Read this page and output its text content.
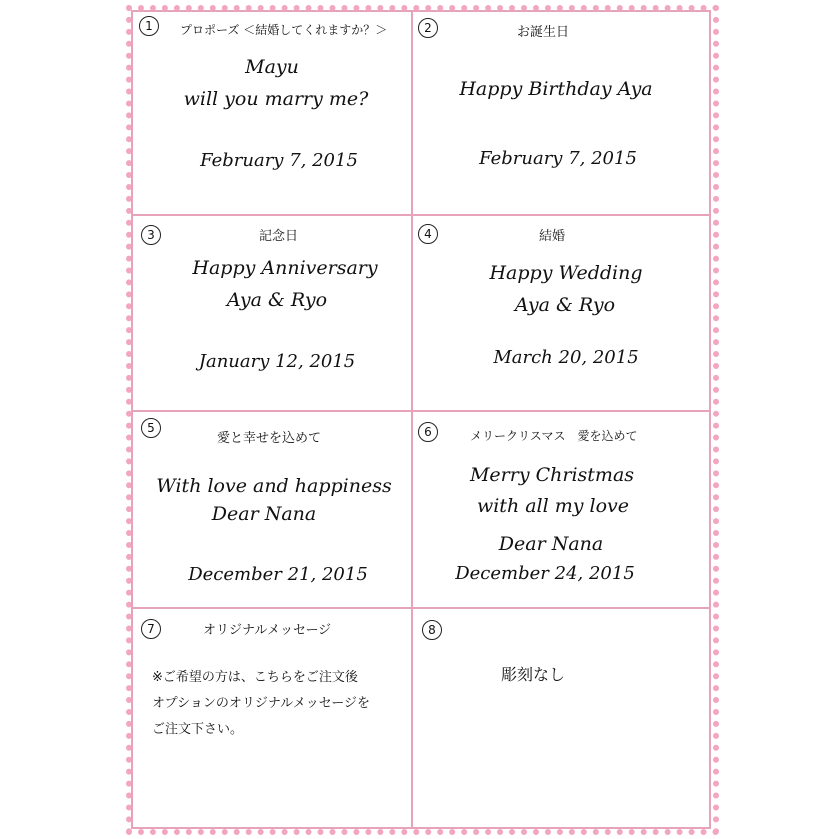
1	プロポーズ ＜結婚してくれますか？＞
Mayu
will you marry me?
February 7, 2015
2	お誕生日
Happy Birthday Aya
February 7, 2015
3	記念日
Happy Anniversary
Aya & Ryo
January 12, 2015
4	結婚
Happy Wedding
Aya & Ryo
March 20, 2015
5
愛と幸せを込めて
With love and happiness
Dear Nana
December 21, 2015
6	メリークリスマス　愛を込めて
Merry Christmas
with all my love
Dear Nana
December 24, 2015
7	オリジナルメッセージ
※ご希望の方は、こちらをご注文後
オプションのオリジナルメッセージを
ご注文下さい。
8
彫刻なし
